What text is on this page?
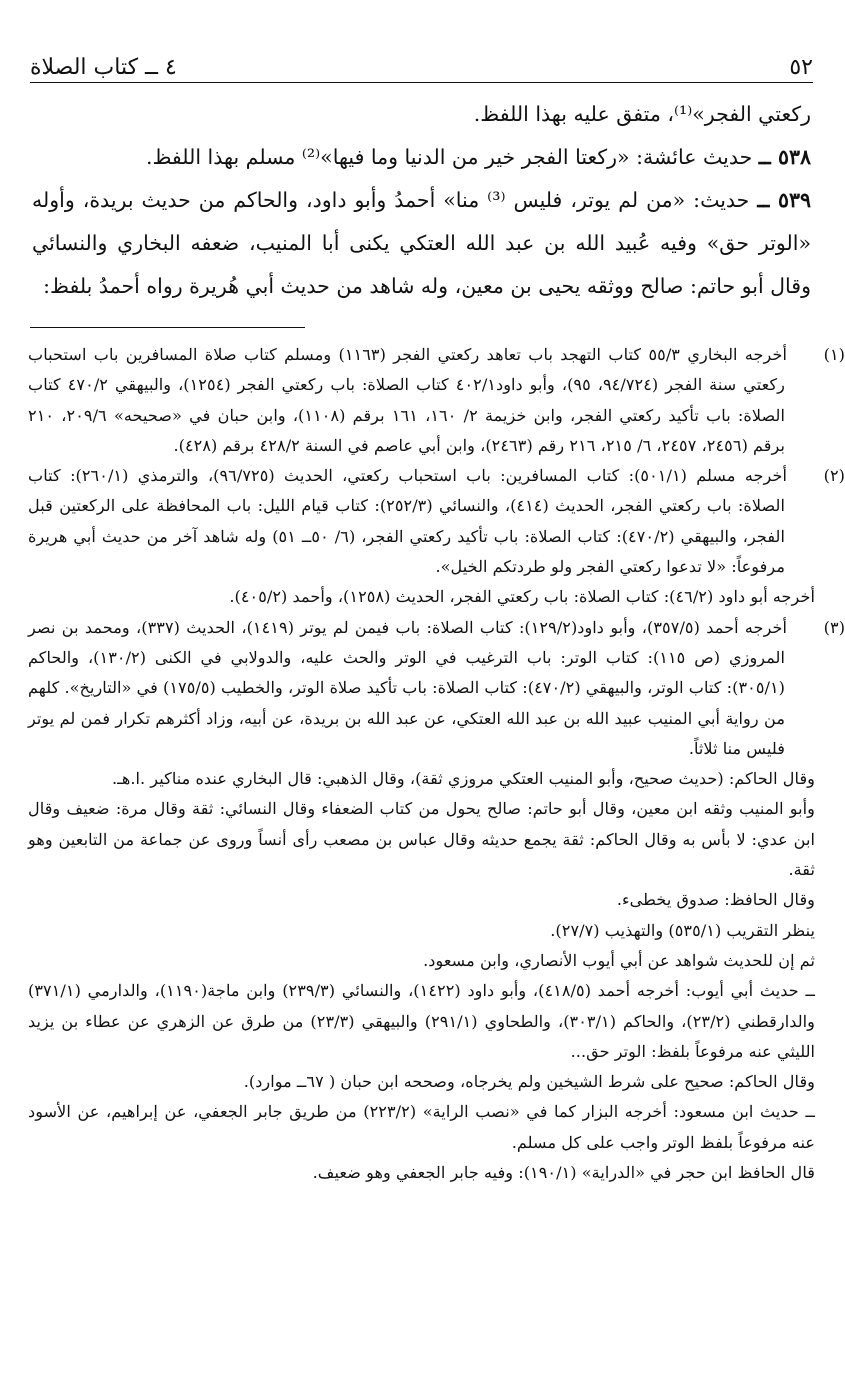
٥٢
٤ ــ كتاب الصلاة

ركعتي الفجر»⁽¹⁾، متفق عليه بهذا اللفظ.

٥٣٨ ــ حديث عائشة: «ركعتا الفجر خير من الدنيا وما فيها»⁽²⁾ مسلم بهذا اللفظ.

٥٣٩ ــ حديث: «من لم يوتر، فليس ⁽³⁾ منا» أحمدُ وأبو داود، والحاكم من حديث بريدة، وأوله «الوتر حق» وفيه عُبيد الله بن عبد الله العتكي يكنى أبا المنيب، ضعفه البخاري والنسائي وقال أبو حاتم: صالح ووثقه يحيى بن معين، وله شاهد من حديث أبي هُريرة رواه أحمدُ بلفظ:

(١)أخرجه البخاري ٥٥/٣ كتاب التهجد باب تعاهد ركعتي الفجر (١١٦٣) ومسلم كتاب صلاة المسافرين باب استحباب ركعتي سنة الفجر (٩٤/٧٢٤، ٩٥)، وأبو داود٤٠٢/١ كتاب الصلاة: باب ركعتي الفجر (١٢٥٤)، والبيهقي ٤٧٠/٢ كتاب الصلاة: باب تأكيد ركعتي الفجر، وابن خزيمة ٢/ ١٦٠، ١٦١ برقم (١١٠٨)، وابن حبان في «صحيحه» ٢٠٩/٦، ٢١٠ برقم (٢٤٥٦، ٢٤٥٧، ٦/ ٢١٥، ٢١٦ رقم (٢٤٦٣)، وابن أبي عاصم في السنة ٤٢٨/٢ برقم (٤٢٨).

(٢)أخرجه مسلم (٥٠١/١): كتاب المسافرين: باب استحباب ركعتي، الحديث (٩٦/٧٢٥)، والترمذي (٢٦٠/١): كتاب الصلاة: باب ركعتي الفجر، الحديث (٤١٤)، والنسائي (٢٥٢/٣): كتاب قيام الليل: باب المحافظة على الركعتين قبل الفجر، والبيهقي (٤٧٠/٢): كتاب الصلاة: باب تأكيد ركعتي الفجر، (٦/ ٥٠ــ ٥١) وله شاهد آخر من حديث أبي هريرة مرفوعاً: «لا تدعوا ركعتي الفجر ولو طردتكم الخيل».

أخرجه أبو داود (٤٦/٢): كتاب الصلاة: باب ركعتي الفجر، الحديث (١٢٥٨)، وأحمد (٤٠٥/٢).

(٣)أخرجه أحمد (٣٥٧/٥)، وأبو داود(١٢٩/٢): كتاب الصلاة: باب فيمن لم يوتر (١٤١٩)، الحديث (٣٣٧)، ومحمد بن نصر المروزي (ص ١١٥): كتاب الوتر: باب الترغيب في الوتر والحث عليه، والدولابي في الكنى (١٣٠/٢)، والحاكم (٣٠٥/١): كتاب الوتر، والبيهقي (٤٧٠/٢): كتاب الصلاة: باب تأكيد صلاة الوتر، والخطيب (١٧٥/٥) في «التاريخ». كلهم من رواية أبي المنيب عبيد الله بن عبد الله العتكي، عن عبد الله بن بريدة، عن أبيه، وزاد أكثرهم تكرار فمن لم يوتر فليس منا ثلاثاً.

وقال الحاكم: (حديث صحيح، وأبو المنيب العتكي مروزي ثقة)، وقال الذهبي: قال البخاري عنده مناكير .ا.هـ.

وأبو المنيب وثقه ابن معين، وقال أبو حاتم: صالح يحول من كتاب الضعفاء وقال النسائي: ثقة وقال مرة: ضعيف وقال ابن عدي: لا بأس به وقال الحاكم: ثقة يجمع حديثه وقال عباس بن مصعب رأى أنساً وروى عن جماعة من التابعين وهو ثقة.

وقال الحافظ: صدوق يخطىء.

ينظر التقريب (٥٣٥/١) والتهذيب (٢٧/٧).

ثم إن للحديث شواهد عن أبي أيوب الأنصاري، وابن مسعود.

ــ حديث أبي أيوب: أخرجه أحمد (٤١٨/٥)، وأبو داود (١٤٢٢)، والنسائي (٢٣٩/٣) وابن ماجة(١١٩٠)، والدارمي (٣٧١/١) والدارقطني (٢٣/٢)، والحاكم (٣٠٣/١)، والطحاوي (٢٩١/١) والبيهقي (٢٣/٣) من طرق عن الزهري عن عطاء بن يزيد الليثي عنه مرفوعاً بلفظ: الوتر حق...

وقال الحاكم: صحيح على شرط الشيخين ولم يخرجاه، وصححه ابن حبان ( ٦٧ــ موارد).

ــ حديث ابن مسعود: أخرجه البزار كما في «نصب الراية» (٢٢٣/٢) من طريق جابر الجعفي، عن إبراهيم، عن الأسود عنه مرفوعاً بلفظ الوتر واجب على كل مسلم.

قال الحافظ ابن حجر في «الدراية» (١٩٠/١): وفيه جابر الجعفي وهو ضعيف.
